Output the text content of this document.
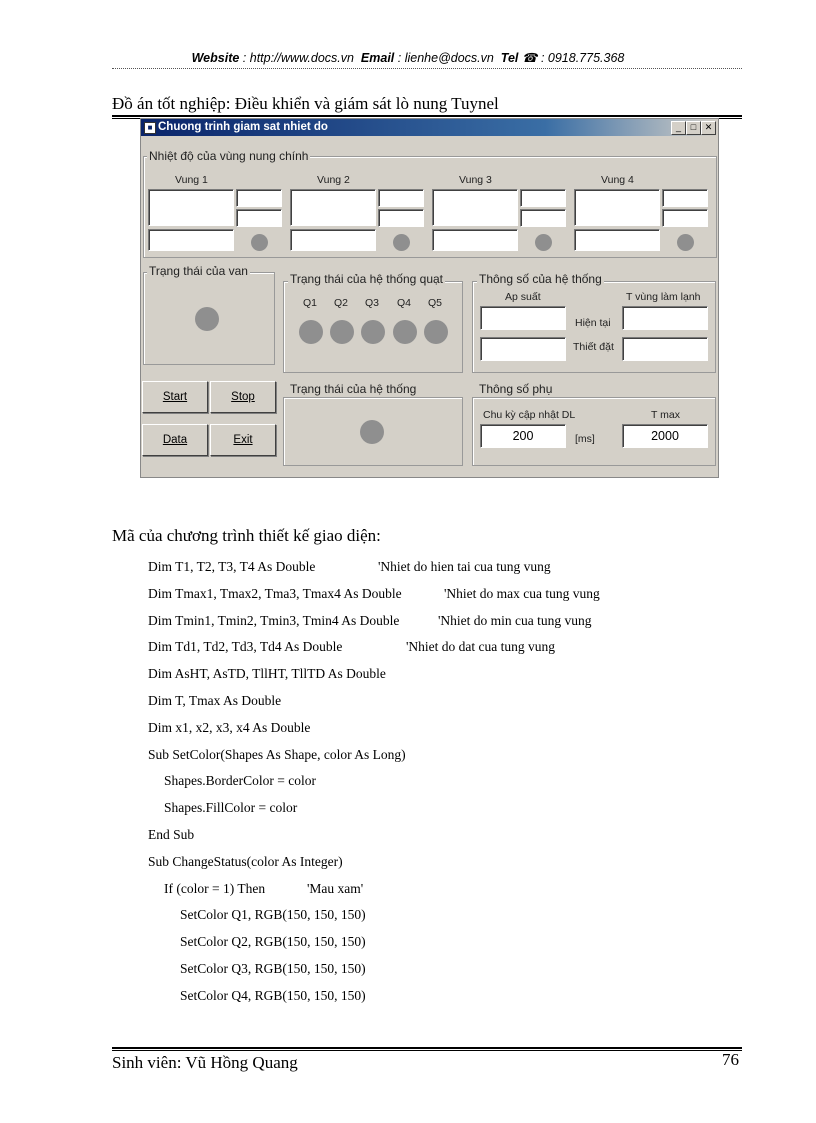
Website : http://www.docs.vn Email : lienhe@docs.vn Tel ☎ : 0918.775.368
Đồ án tốt nghiệp: Điều khiển và giám sát lò nung Tuynel
■ Chuong trinh giam sat nhiet do	_	□ ✕
Nhiệt độ của vùng nung chính
Vung 1	Vung 2	Vung 3	Vung 4
Trạng thái của van
Trạng thái của hệ thống quạt
Q1 Q2 Q3 Q4 Q5
Thông số của hệ thống
Ap suất	T vùng làm lạnh
Hiện tại
Thiết đặt
Start	Stop
Data	Exit
Trạng thái của hệ thống	Thông số phụ
Chu kỳ cập nhật DL	T max
200	[ms]	2000
Mã của chương trình thiết kế giao diện:
Dim T1, T2, T3, T4 As Double	'Nhiet do hien tai cua tung vung
Dim Tmax1, Tmax2, Tma3, Tmax4 As Double	'Nhiet do max cua tung vung
Dim Tmin1, Tmin2, Tmin3, Tmin4 As Double	'Nhiet do min cua tung vung
Dim Td1, Td2, Td3, Td4 As Double	'Nhiet do dat cua tung vung
Dim AsHT, AsTD, TllHT, TllTD As Double
Dim T, Tmax As Double
Dim x1, x2, x3, x4 As Double
Sub SetColor(Shapes As Shape, color As Long)
Shapes.BorderColor = color
Shapes.FillColor = color
End Sub
Sub ChangeStatus(color As Integer)
If (color = 1) Then	'Mau xam'
SetColor Q1, RGB(150, 150, 150)
SetColor Q2, RGB(150, 150, 150)
SetColor Q3, RGB(150, 150, 150)
SetColor Q4, RGB(150, 150, 150)
Sinh viên: Vũ Hồng Quang	76
